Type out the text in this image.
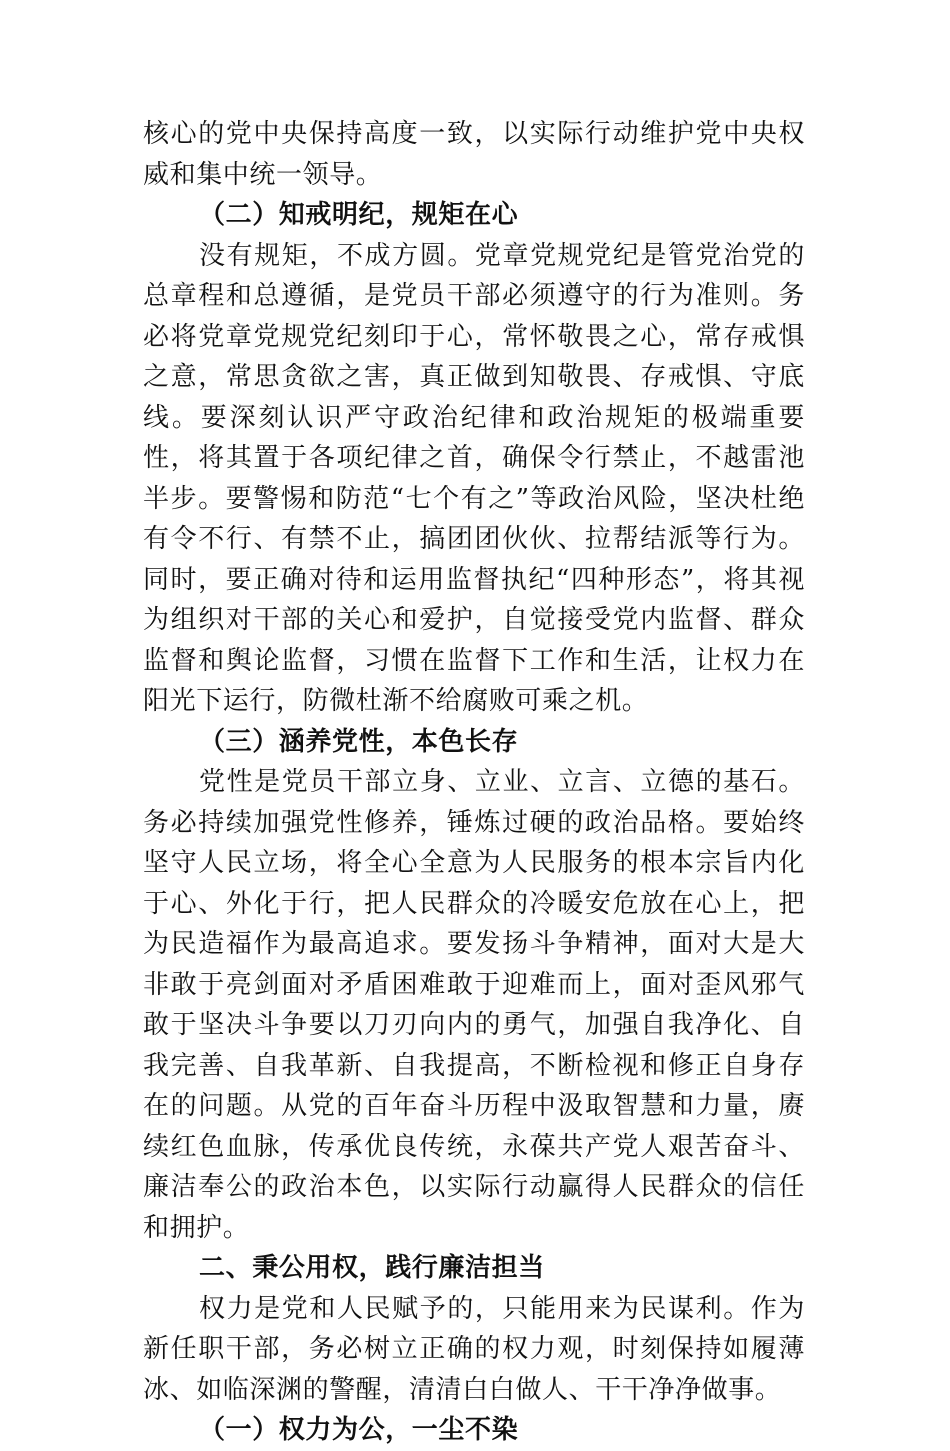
核心的党中央保持高度一致，以实际行动维护党中央权威和集中统一领导。

（二）知戒明纪，规矩在心

没有规矩，不成方圆。党章党规党纪是管党治党的总章程和总遵循，是党员干部必须遵守的行为准则。务必将党章党规党纪刻印于心，常怀敬畏之心，常存戒惧之意，常思贪欲之害，真正做到知敬畏、存戒惧、守底线。要深刻认识严守政治纪律和政治规矩的极端重要性，将其置于各项纪律之首，确保令行禁止，不越雷池半步。要警惕和防范“七个有之”等政治风险，坚决杜绝有令不行、有禁不止，搞团团伙伙、拉帮结派等行为。同时，要正确对待和运用监督执纪“四种形态”，将其视为组织对干部的关心和爱护，自觉接受党内监督、群众监督和舆论监督，习惯在监督下工作和生活，让权力在阳光下运行，防微杜渐不给腐败可乘之机。

（三）涵养党性，本色长存

党性是党员干部立身、立业、立言、立德的基石。务必持续加强党性修养，锤炼过硬的政治品格。要始终坚守人民立场，将全心全意为人民服务的根本宗旨内化于心、外化于行，把人民群众的冷暖安危放在心上，把为民造福作为最高追求。要发扬斗争精神，面对大是大非敢于亮剑面对矛盾困难敢于迎难而上，面对歪风邪气敢于坚决斗争要以刀刃向内的勇气，加强自我净化、自我完善、自我革新、自我提高，不断检视和修正自身存在的问题。从党的百年奋斗历程中汲取智慧和力量，赓续红色血脉，传承优良传统，永葆共产党人艰苦奋斗、廉洁奉公的政治本色，以实际行动赢得人民群众的信任和拥护。

二、秉公用权，践行廉洁担当

权力是党和人民赋予的，只能用来为民谋利。作为新任职干部，务必树立正确的权力观，时刻保持如履薄冰、如临深渊的警醒，清清白白做人、干干净净做事。

（一）权力为公，一尘不染
